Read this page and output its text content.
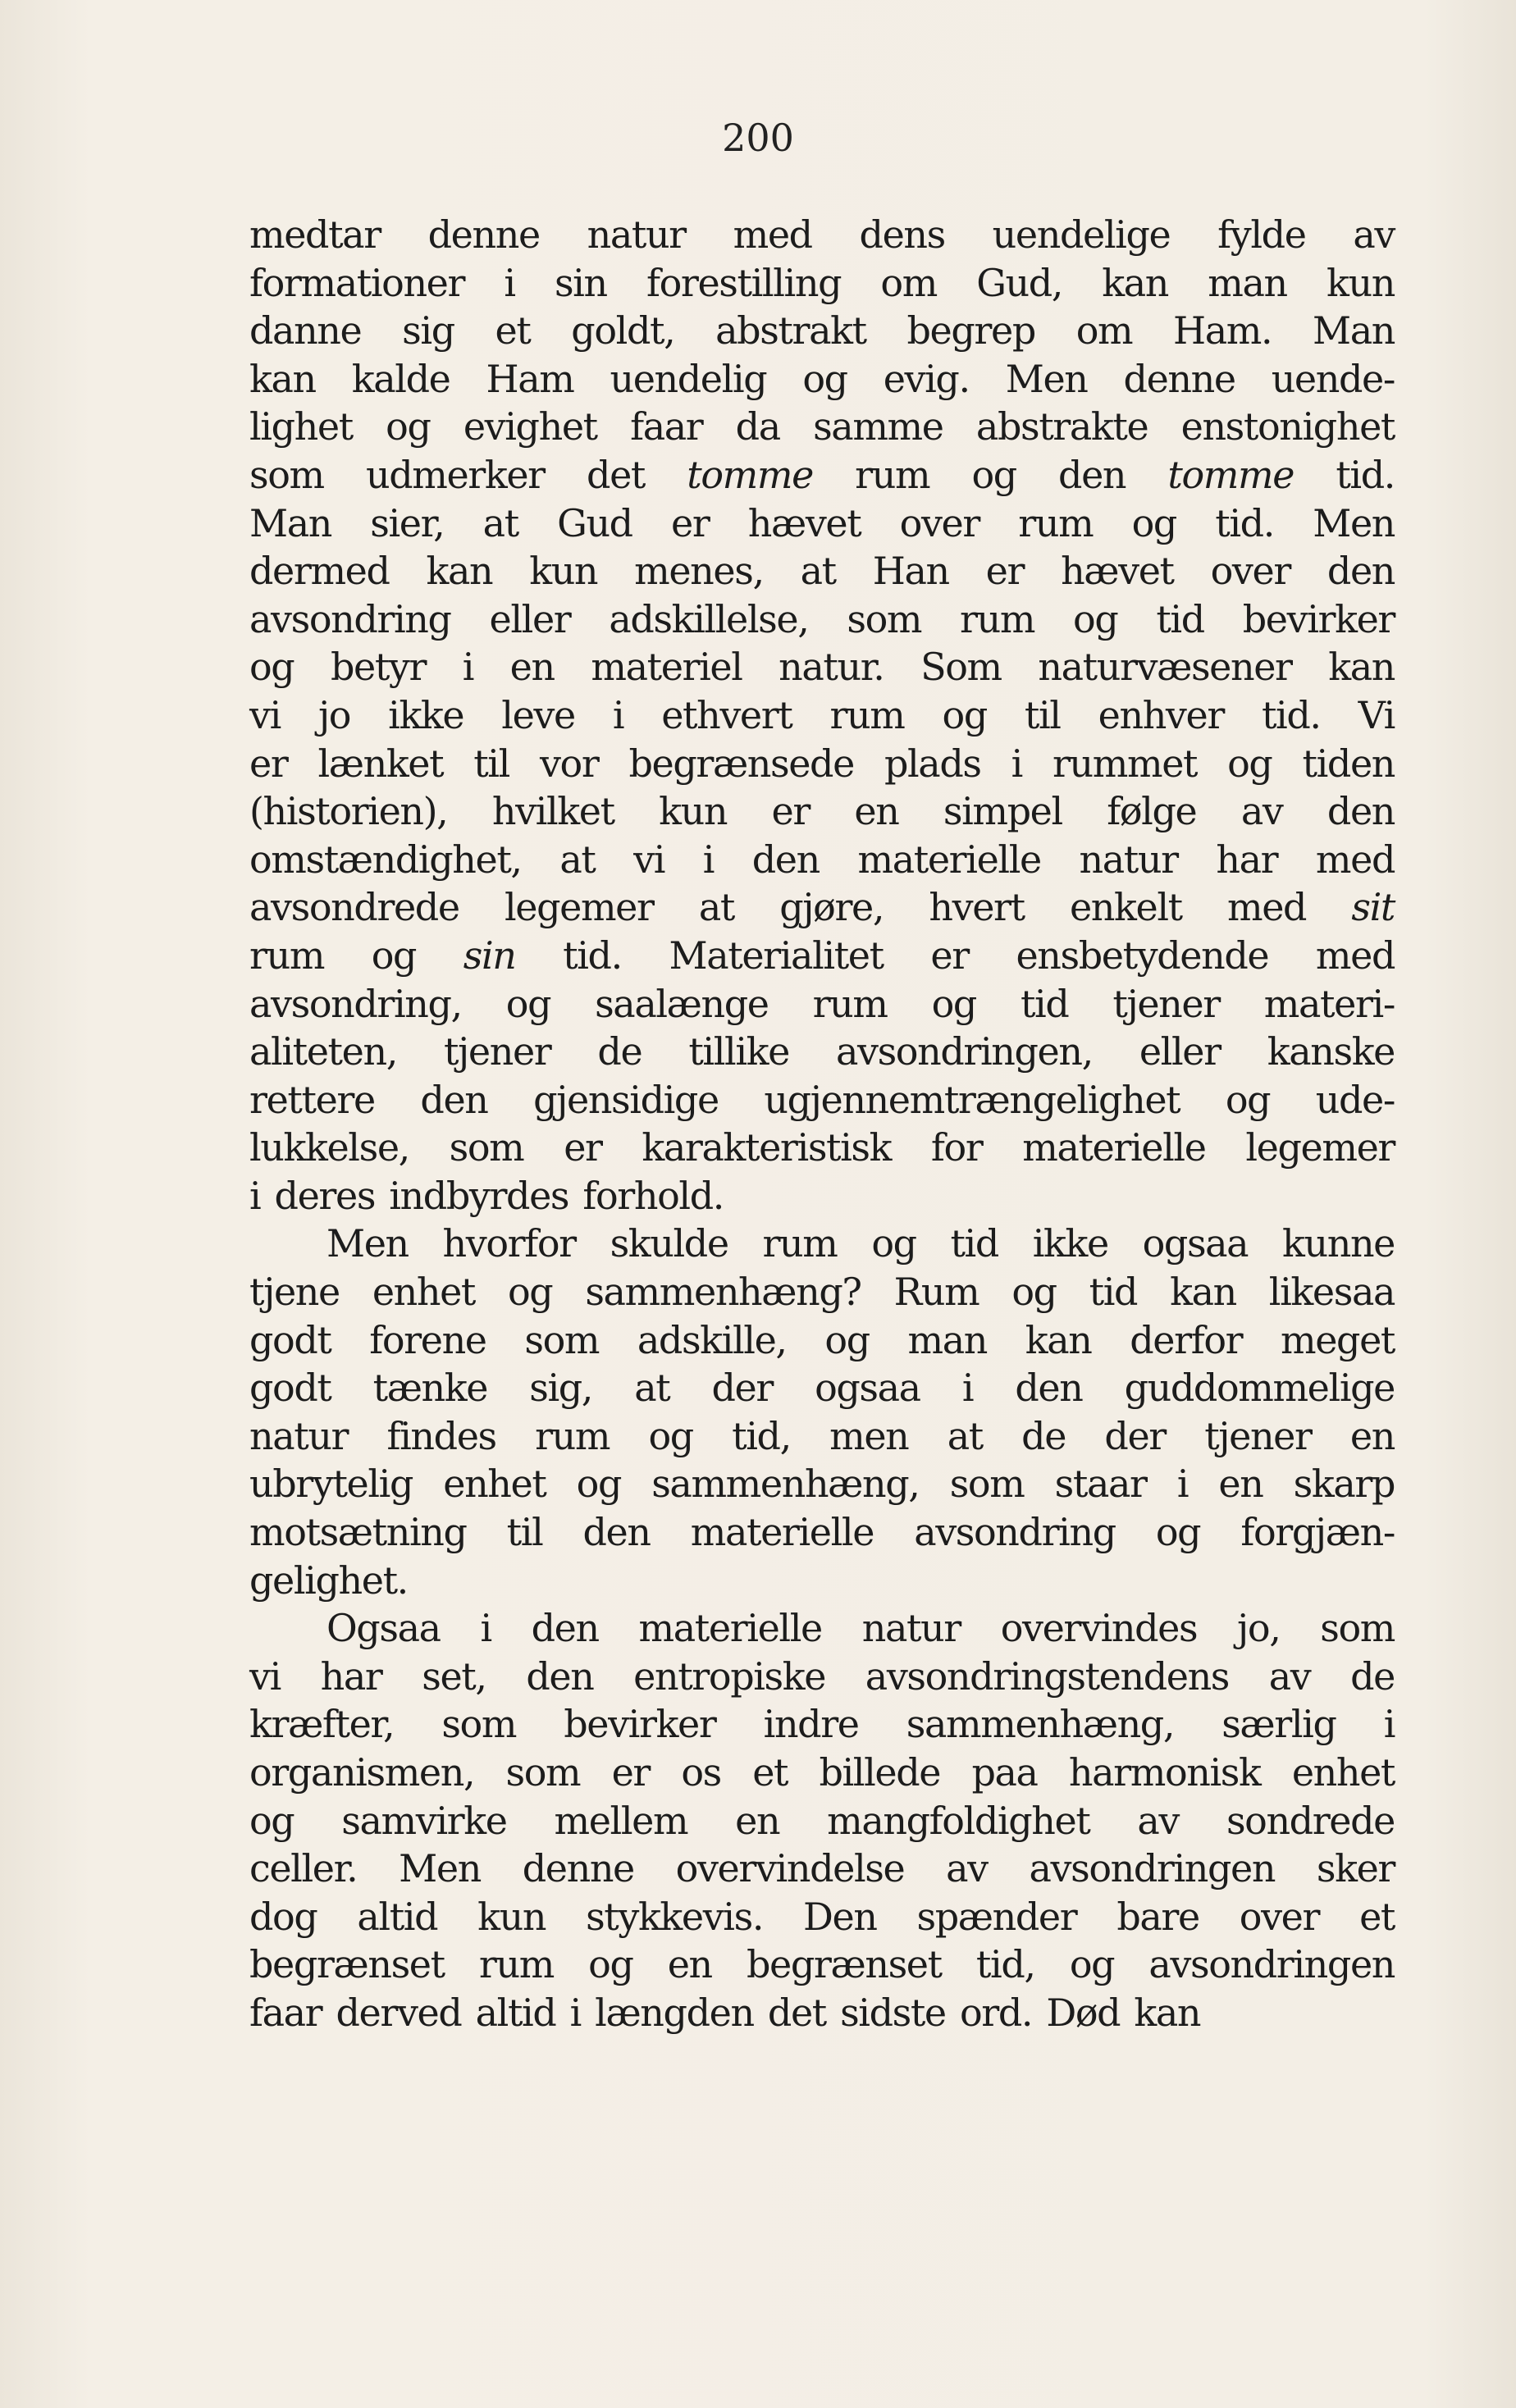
200
medtar denne natur med dens uendelige fylde av
formationer i sin forestilling om Gud, kan man kun
danne sig et goldt, abstrakt begrep om Ham. Man
kan kalde Ham uendelig og evig. Men denne uende-
lighet og evighet faar da samme abstrakte enstonighet
som udmerker det tomme rum og den tomme tid.
Man sier, at Gud er hævet over rum og tid. Men
dermed kan kun menes, at Han er hævet over den
avsondring eller adskillelse, som rum og tid bevirker
og betyr i en materiel natur. Som naturvæsener kan
vi jo ikke leve i ethvert rum og til enhver tid. Vi
er lænket til vor begrænsede plads i rummet og tiden
(historien), hvilket kun er en simpel følge av den
omstændighet, at vi i den materielle natur har med
avsondrede legemer at gjøre, hvert enkelt med sit
rum og sin tid. Materialitet er ensbetydende med
avsondring, og saalænge rum og tid tjener materi-
aliteten, tjener de tillike avsondringen, eller kanske
rettere den gjensidige ugjennemtrængelighet og ude-
lukkelse, som er karakteristisk for materielle legemer
i deres indbyrdes forhold.
Men hvorfor skulde rum og tid ikke ogsaa kunne
tjene enhet og sammenhæng? Rum og tid kan likesaa
godt forene som adskille, og man kan derfor meget
godt tænke sig, at der ogsaa i den guddommelige
natur findes rum og tid, men at de der tjener en
ubrytelig enhet og sammenhæng, som staar i en skarp
motsætning til den materielle avsondring og forgjæn-
gelighet.
Ogsaa i den materielle natur overvindes jo, som
vi har set, den entropiske avsondringstendens av de
kræfter, som bevirker indre sammenhæng, særlig i
organismen, som er os et billede paa harmonisk enhet
og samvirke mellem en mangfoldighet av sondrede
celler. Men denne overvindelse av avsondringen sker
dog altid kun stykkevis. Den spænder bare over et
begrænset rum og en begrænset tid, og avsondringen
faar derved altid i længden det sidste ord. Død kan
